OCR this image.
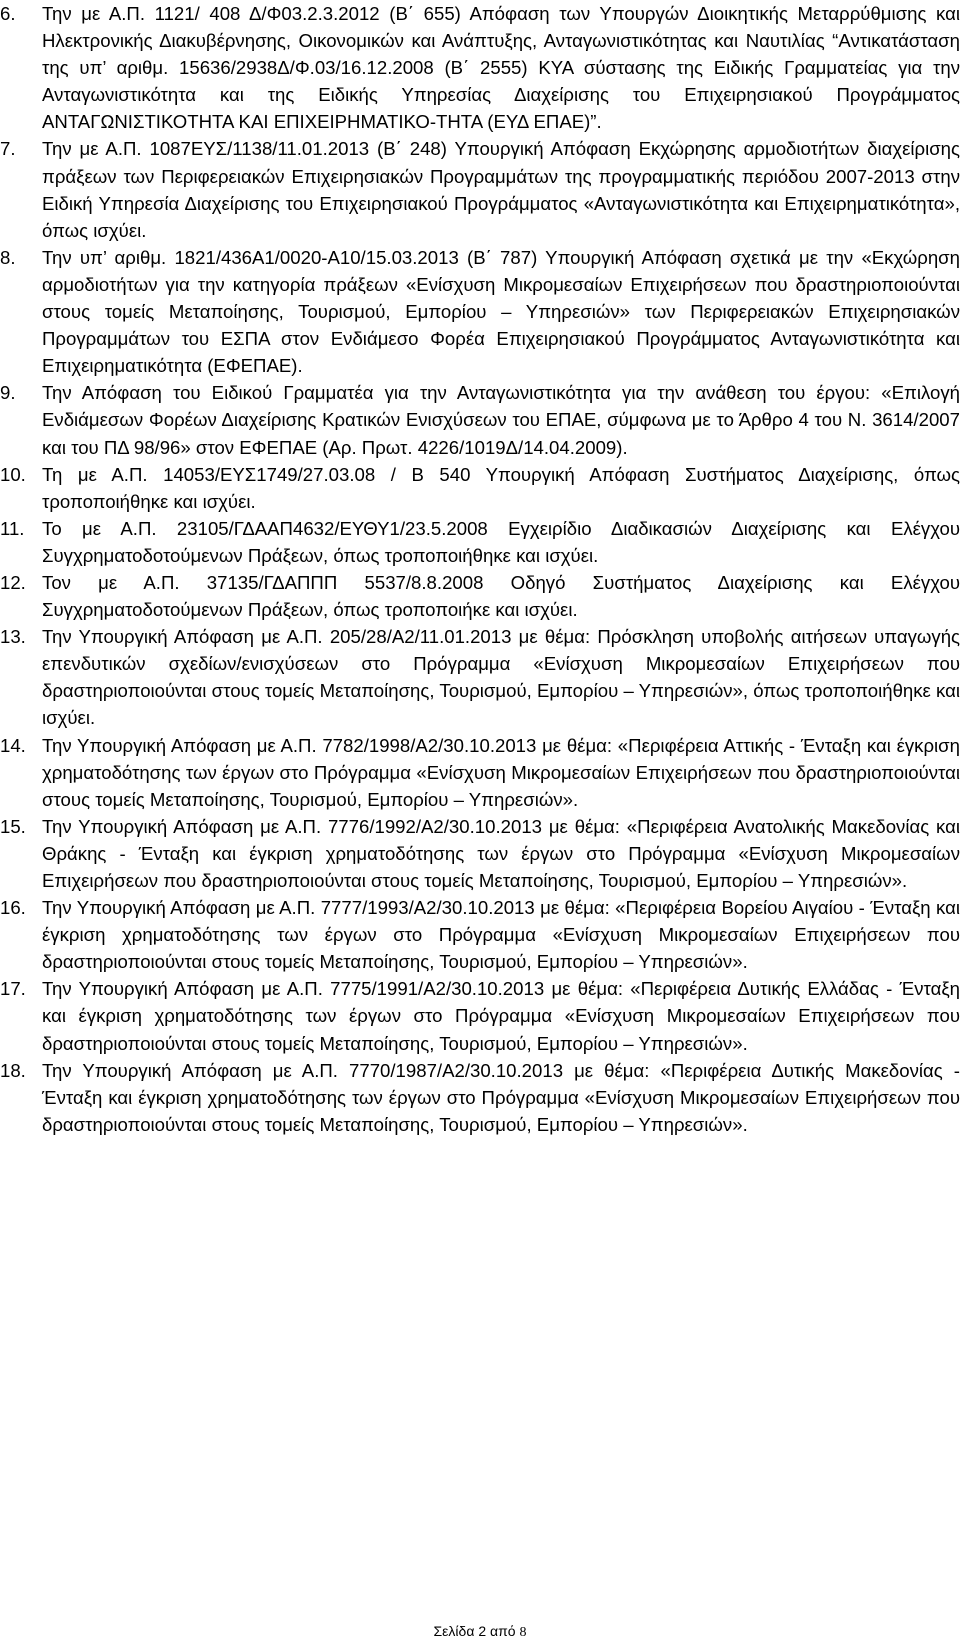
6. Την με Α.Π. 1121/ 408 Δ/Φ03.2.3.2012 (Β΄ 655) Απόφαση των Υπουργών Διοικητικής Μεταρρύθμισης και Ηλεκτρονικής Διακυβέρνησης, Οικονομικών και Ανάπτυξης, Ανταγωνιστικότητας και Ναυτιλίας “Αντικατάσταση της υπ’ αριθμ. 15636/2938Δ/Φ.03/16.12.2008 (Β΄ 2555) ΚΥΑ σύστασης της Ειδικής Γραμματείας για την Ανταγωνιστικότητα και της Ειδικής Υπηρεσίας Διαχείρισης του Επιχειρησιακού Προγράμματος ΑΝΤΑΓΩΝΙΣΤΙΚΟΤΗΤΑ ΚΑΙ ΕΠΙΧΕΙΡΗΜΑΤΙΚΟ-ΤΗΤΑ (ΕΥΔ ΕΠΑΕ)”.
7. Την με Α.Π. 1087ΕΥΣ/1138/11.01.2013 (Β΄ 248) Υπουργική Απόφαση Εκχώρησης αρμοδιοτήτων διαχείρισης πράξεων των Περιφερειακών Επιχειρησιακών Προγραμμάτων της προγραμματικής περιόδου 2007-2013 στην Ειδική Υπηρεσία Διαχείρισης του Επιχειρησιακού Προγράμματος «Ανταγωνιστικότητα και Επιχειρηματικότητα», όπως ισχύει.
8. Την υπ’ αριθμ. 1821/436Α1/0020-Α10/15.03.2013 (Β΄ 787) Υπουργική Απόφαση σχετικά με την «Εκχώρηση αρμοδιοτήτων για την κατηγορία πράξεων «Ενίσχυση Μικρομεσαίων Επιχειρήσεων που δραστηριοποιούνται στους τομείς Μεταποίησης, Τουρισμού, Εμπορίου – Υπηρεσιών» των Περιφερειακών Επιχειρησιακών Προγραμμάτων του ΕΣΠΑ στον Ενδιάμεσο Φορέα Επιχειρησιακού Προγράμματος Ανταγωνιστικότητα και Επιχειρηματικότητα (ΕΦΕΠΑΕ).
9. Την Απόφαση του Ειδικού Γραμματέα για την Ανταγωνιστικότητα για την ανάθεση του έργου: «Επιλογή Ενδιάμεσων Φορέων Διαχείρισης Κρατικών Ενισχύσεων του ΕΠΑΕ, σύμφωνα με το Άρθρο 4 του Ν. 3614/2007 και του ΠΔ 98/96» στον ΕΦΕΠΑΕ (Αρ. Πρωτ. 4226/1019Δ/14.04.2009).
10. Τη με Α.Π. 14053/ΕΥΣ1749/27.03.08 / Β 540 Υπουργική Απόφαση Συστήματος Διαχείρισης, όπως τροποποιήθηκε και ισχύει.
11. Το με Α.Π. 23105/ΓΔΑΑΠ4632/ΕΥΘΥ1/23.5.2008 Εγχειρίδιο Διαδικασιών Διαχείρισης και Ελέγχου Συγχρηματοδοτούμενων Πράξεων, όπως τροποποιήθηκε και ισχύει.
12. Τον με Α.Π. 37135/ΓΔΑΠΠΠ 5537/8.8.2008 Οδηγό Συστήματος Διαχείρισης και Ελέγχου Συγχρηματοδοτούμενων Πράξεων, όπως τροποποιήκε και ισχύει.
13. Την Υπουργική Απόφαση με Α.Π. 205/28/Α2/11.01.2013 με θέμα: Πρόσκληση υποβολής αιτήσεων υπαγωγής επενδυτικών σχεδίων/ενισχύσεων στο Πρόγραμμα «Ενίσχυση Μικρομεσαίων Επιχειρήσεων που δραστηριοποιούνται στους τομείς Μεταποίησης, Τουρισμού, Εμπορίου – Υπηρεσιών», όπως τροποποιήθηκε και ισχύει.
14. Την Υπουργική Απόφαση με Α.Π. 7782/1998/Α2/30.10.2013 με θέμα: «Περιφέρεια Αττικής - Ένταξη και έγκριση χρηματοδότησης των έργων στο Πρόγραμμα «Ενίσχυση Μικρομεσαίων Επιχειρήσεων που δραστηριοποιούνται στους τομείς Μεταποίησης, Τουρισμού, Εμπορίου – Υπηρεσιών».
15. Την Υπουργική Απόφαση με Α.Π. 7776/1992/Α2/30.10.2013 με θέμα: «Περιφέρεια Ανατολικής Μακεδονίας και Θράκης - Ένταξη και έγκριση χρηματοδότησης των έργων στο Πρόγραμμα «Ενίσχυση Μικρομεσαίων Επιχειρήσεων που δραστηριοποιούνται στους τομείς Μεταποίησης, Τουρισμού, Εμπορίου – Υπηρεσιών».
16. Την Υπουργική Απόφαση με Α.Π. 7777/1993/Α2/30.10.2013 με θέμα: «Περιφέρεια Βορείου Αιγαίου - Ένταξη και έγκριση χρηματοδότησης των έργων στο Πρόγραμμα «Ενίσχυση Μικρομεσαίων Επιχειρήσεων που δραστηριοποιούνται στους τομείς Μεταποίησης, Τουρισμού, Εμπορίου – Υπηρεσιών».
17. Την Υπουργική Απόφαση με Α.Π. 7775/1991/Α2/30.10.2013 με θέμα: «Περιφέρεια Δυτικής Ελλάδας - Ένταξη και έγκριση χρηματοδότησης των έργων στο Πρόγραμμα «Ενίσχυση Μικρομεσαίων Επιχειρήσεων που δραστηριοποιούνται στους τομείς Μεταποίησης, Τουρισμού, Εμπορίου – Υπηρεσιών».
18. Την Υπουργική Απόφαση με Α.Π. 7770/1987/Α2/30.10.2013 με θέμα: «Περιφέρεια Δυτικής Μακεδονίας - Ένταξη και έγκριση χρηματοδότησης των έργων στο Πρόγραμμα «Ενίσχυση Μικρομεσαίων Επιχειρήσεων που δραστηριοποιούνται στους τομείς Μεταποίησης, Τουρισμού, Εμπορίου – Υπηρεσιών».
Σελίδα 2 από 8
